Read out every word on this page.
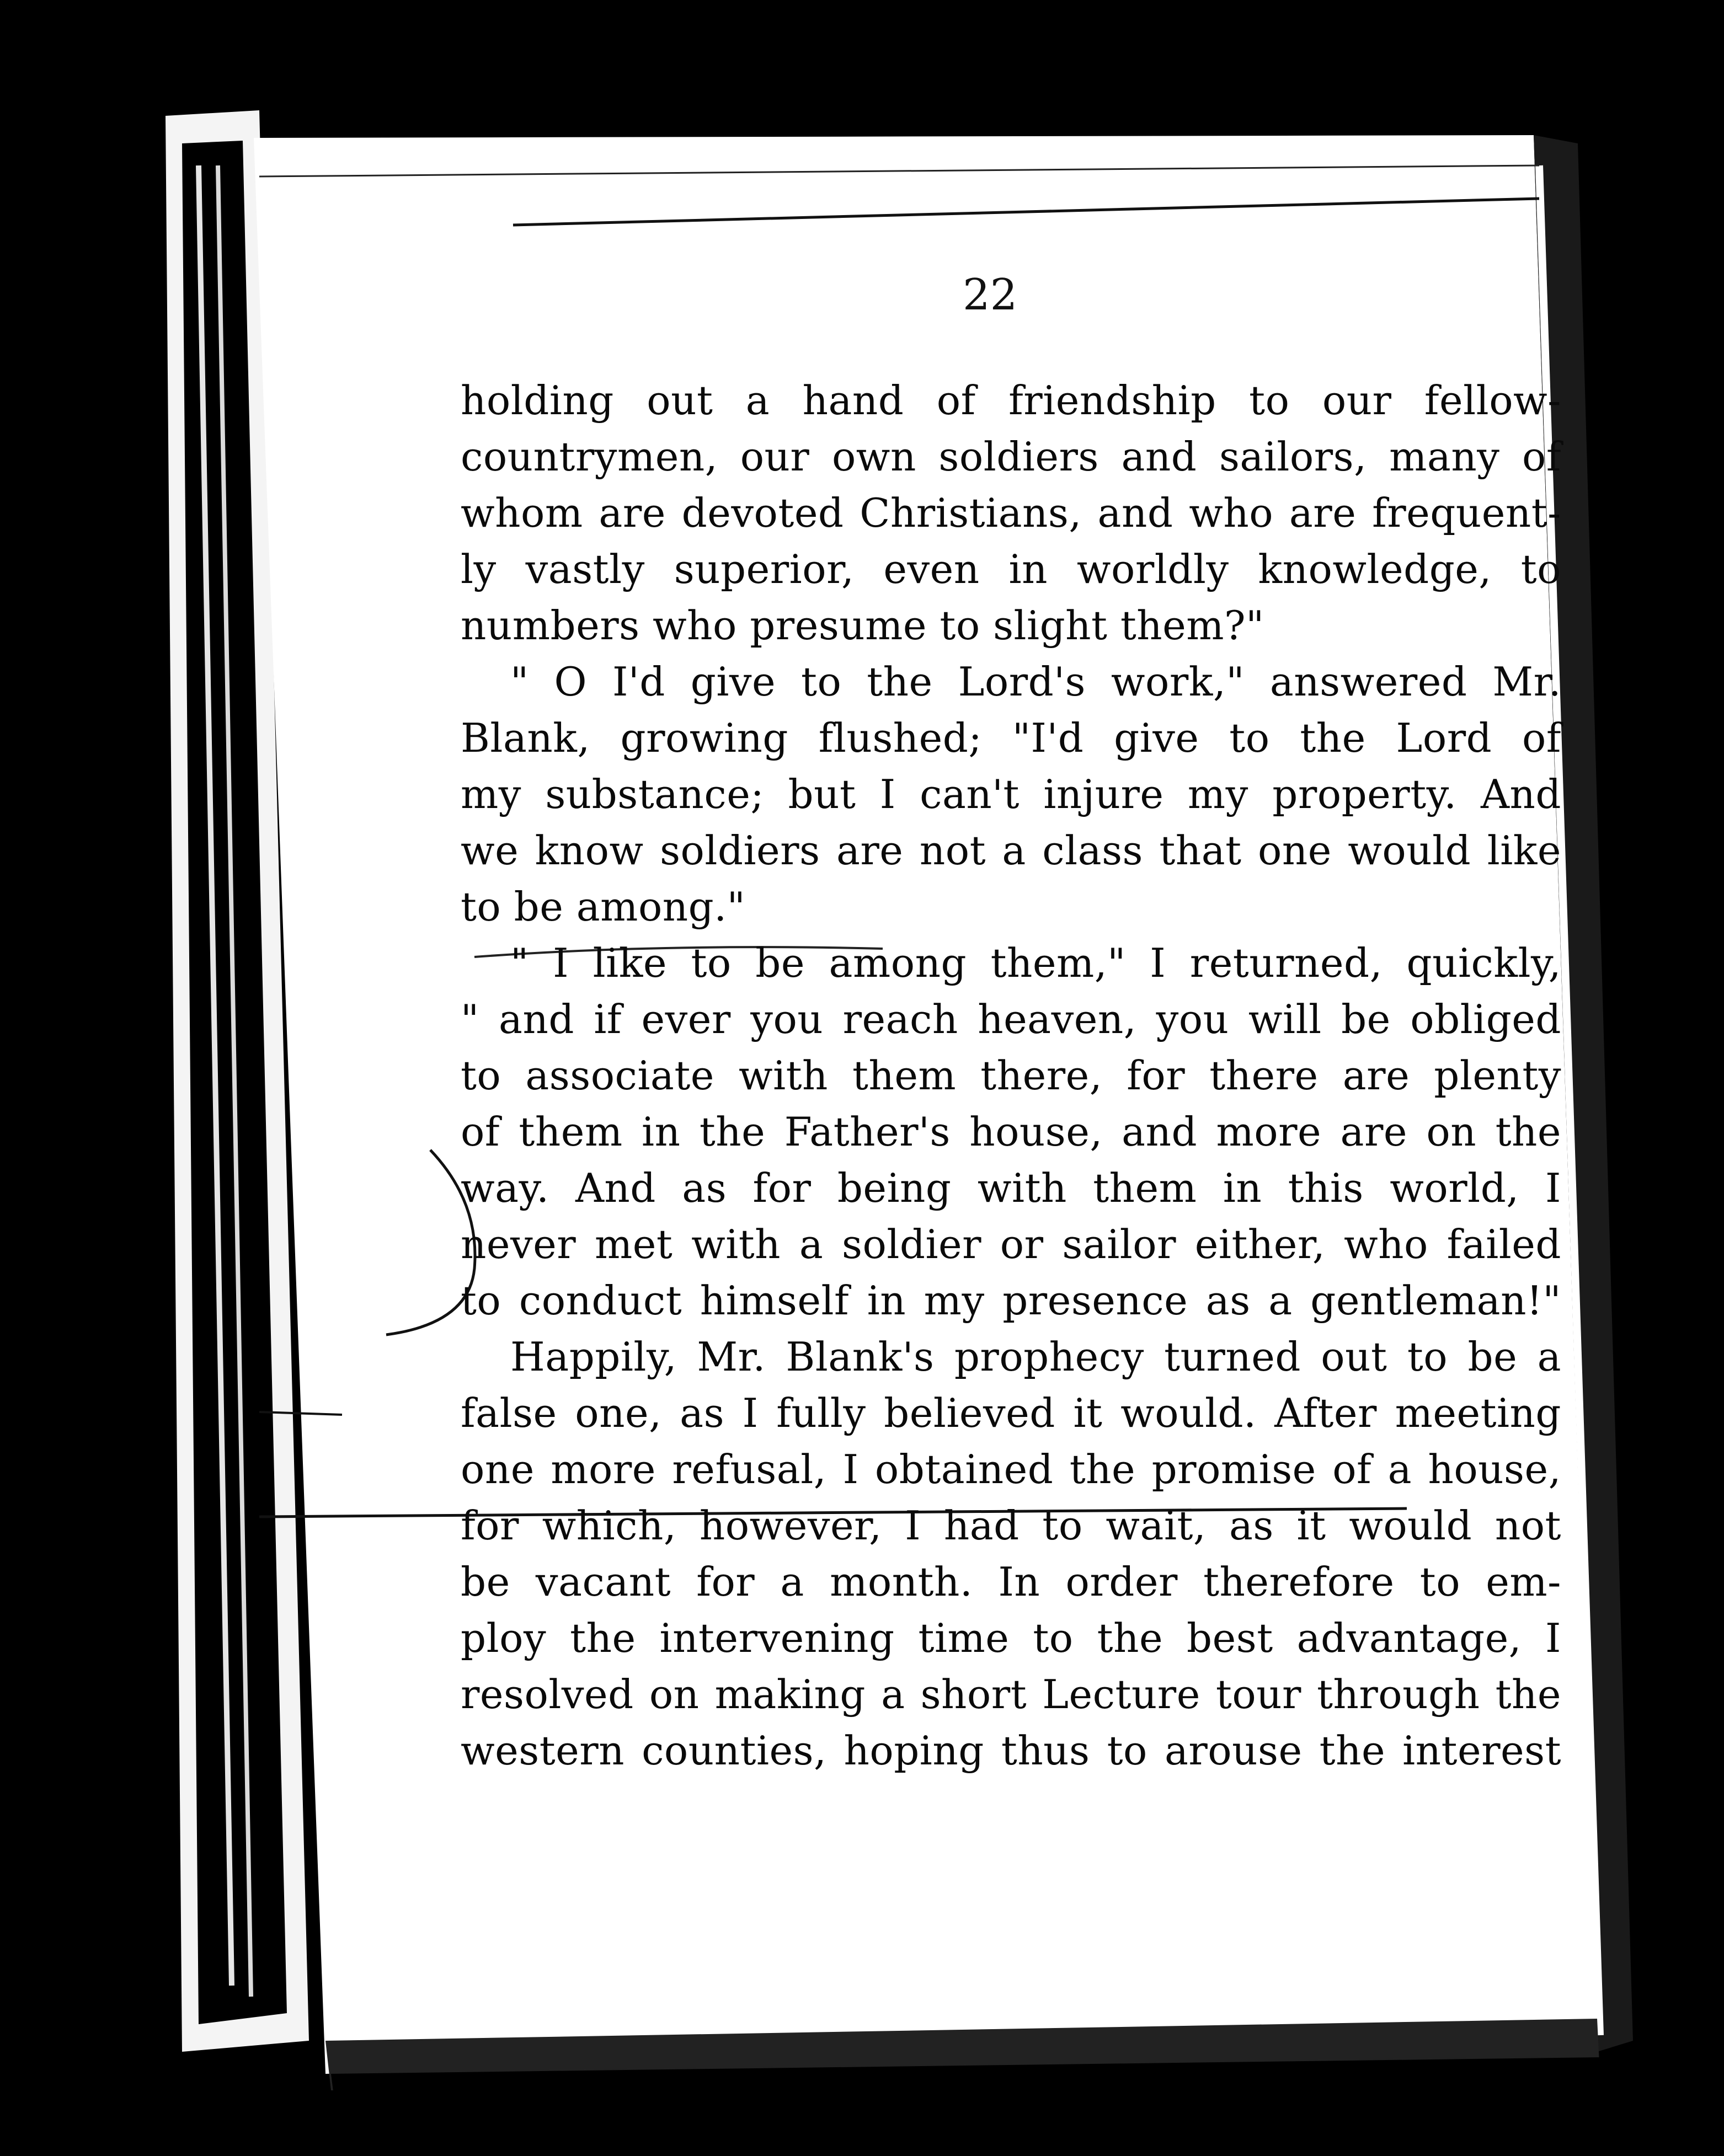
22
holding out a hand of friendship to our fellow-
countrymen, our own soldiers and sailors, many of
whom are devoted Christians, and who are frequent-
ly vastly superior, even in worldly knowledge, to
numbers who presume to slight them?"
" O I'd give to the Lord's work," answered Mr.
Blank, growing flushed; "I'd give to the Lord of
my substance; but I can't injure my property. And
we know soldiers are not a class that one would like
to be among."
" I like to be among them," I returned, quickly,
" and if ever you reach heaven, you will be obliged
to associate with them there, for there are plenty
of them in the Father's house, and more are on the
way. And as for being with them in this world, I
never met with a soldier or sailor either, who failed
to conduct himself in my presence as a gentleman!"
Happily, Mr. Blank's prophecy turned out to be a
false one, as I fully believed it would. After meeting
one more refusal, I obtained the promise of a house,
for which, however, I had to wait, as it would not
be vacant for a month. In order therefore to em-
ploy the intervening time to the best advantage, I
resolved on making a short Lecture tour through the
western counties, hoping thus to arouse the interest
